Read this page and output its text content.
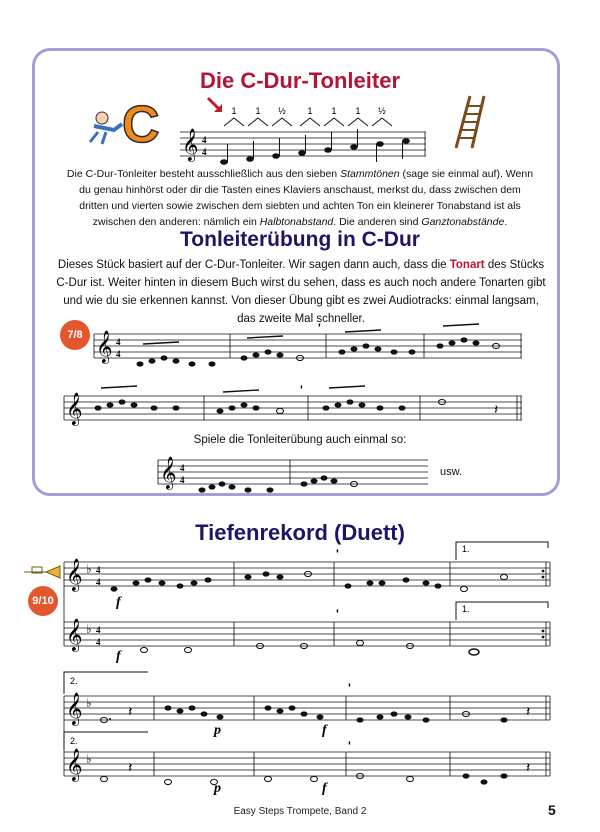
Die C-Dur-Tonleiter
C	1 1 ½ 1 1 1 ½
𝄞 4
4
Die C-Dur-Tonleiter besteht ausschließlich aus den sieben Stammtönen (sage sie einmal auf). Wenn du genau hinhörst oder dir die Tasten eines Klaviers anschaust, merkst du, dass zwischen dem dritten und vierten sowie zwischen dem siebten und achten Ton ein kleinerer Tonabstand ist als zwischen den anderen: nämlich ein Halbtonabstand. Die anderen sind Ganztonabstände.
Tonleiterübung in C-Dur
Dieses Stück basiert auf der C-Dur-Tonleiter. Wir sagen dann auch, dass die Tonart des Stücks C-Dur ist. Weiter hinten in diesem Buch wirst du sehen, dass es auch noch andere Tonarten gibt und wie du sie erkennen kannst. Von dieser Übung gibt es zwei Audiotracks: einmal langsam, das zweite Mal schneller.
7/8 𝄞 4
4
'
𝄞
'
𝄽
Spiele die Tonleiterübung auch einmal so:
𝄞 4
4
usw.
Tiefenrekord (Duett)
9/10
𝄞
𝄞
♭
♭
4
4
4
4
'
'
1.
1.
f
f
𝄞
𝄞
♭
♭
2.
2.
𝄽	𝄽
𝄽	𝄽
'
'
p	f
p	f
Easy Steps Trompete, Band 2	5
